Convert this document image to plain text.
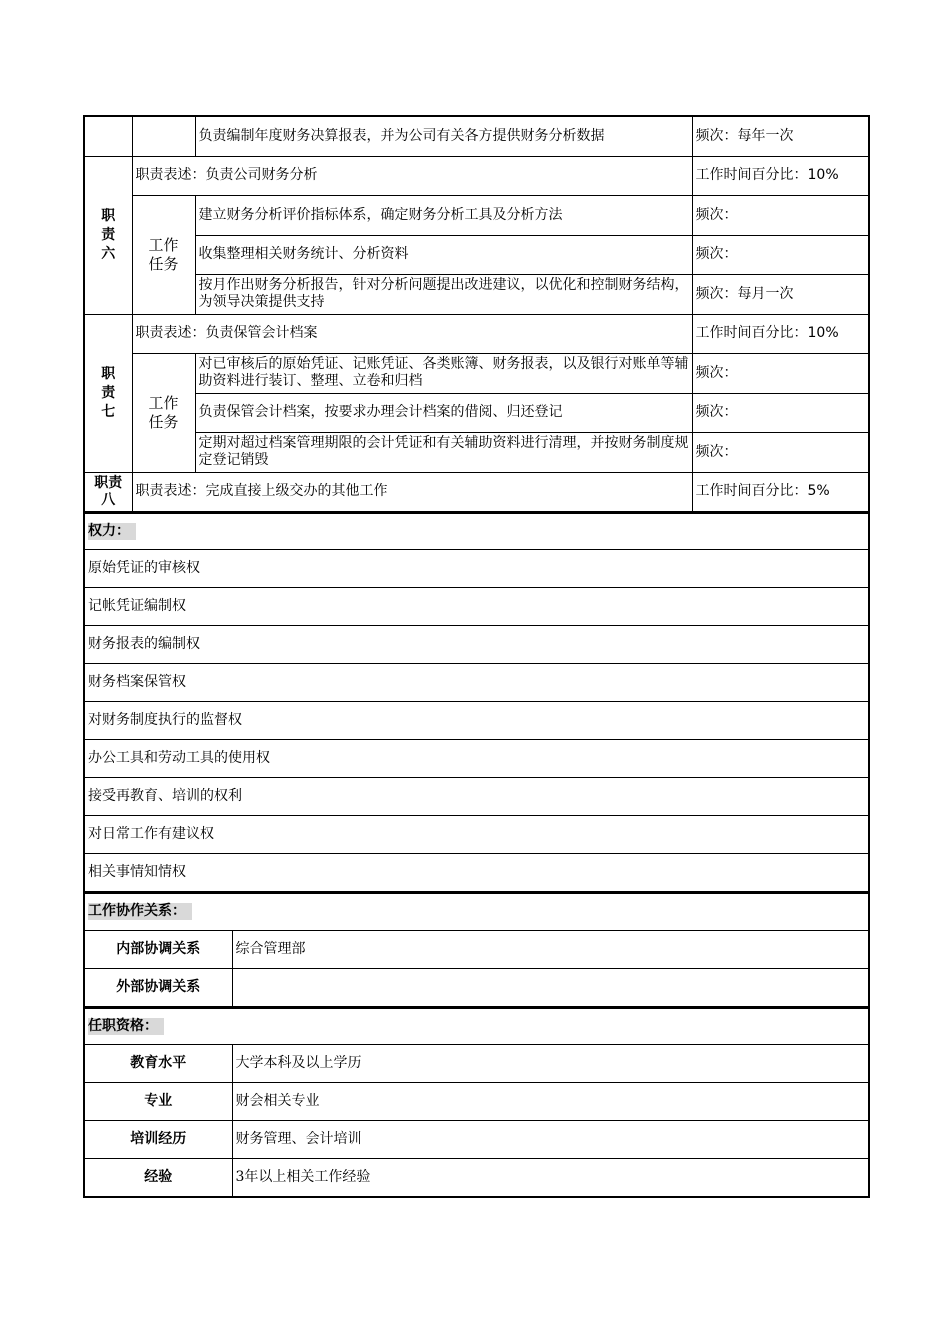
		负责编制年度财务决算报表，并为公司有关各方提供财务分析数据	频次：每年一次
职责六	职责表述：负责公司财务分析		工作时间百分比：10%
	工作任务	建立财务分析评价指标体系，确定财务分析工具及分析方法	频次：
		收集整理相关财务统计、分析资料	频次：
		按月作出财务分析报告，针对分析问题提出改进建议，以优化和控制财务结构，为领导决策提供支持	频次：每月一次
职责七	职责表述：负责保管会计档案		工作时间百分比：10%
	工作任务	对已审核后的原始凭证、记账凭证、各类账簿、财务报表，以及银行对账单等辅助资料进行装订、整理、立卷和归档	频次：
		负责保管会计档案，按要求办理会计档案的借阅、归还登记	频次：
		定期对超过档案管理期限的会计凭证和有关辅助资料进行清理，并按财务制度规定登记销毁	频次：
职责八	职责表述：完成直接上级交办的其他工作		工作时间百分比：5%
权力：
原始凭证的审核权
记帐凭证编制权
财务报表的编制权
财务档案保管权
对财务制度执行的监督权
办公工具和劳动工具的使用权
接受再教育、培训的权利
对日常工作有建议权
相关事情知情权
工作协作关系：	
内部协调关系	综合管理部
外部协调关系	
任职资格：	
教育水平	大学本科及以上学历
专业	财会相关专业
培训经历	财务管理、会计培训
经验	3年以上相关工作经验
